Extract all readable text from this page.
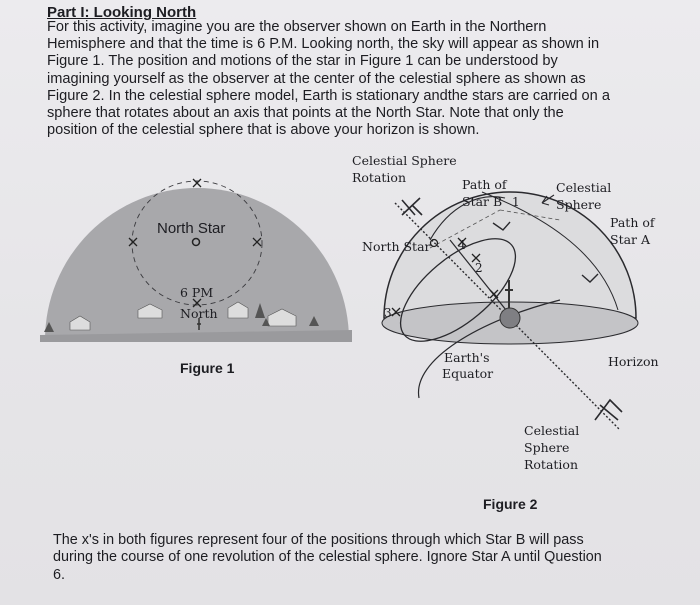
Part I: Looking North

For this activity, imagine you are the observer shown on Earth in the Northern
Hemisphere and that the time is 6 P.M. Looking north, the sky will appear as shown in
Figure 1. The position and motions of the star in Figure 1 can be understood by
imagining yourself as the observer at the center of the celestial sphere as shown as
Figure 2. In the celestial sphere model, Earth is stationary andthe stars are carried on a
sphere that rotates about an axis that points at the North Star. Note that only the
position of the celestial sphere that is above your horizon is shown.

North Star
6 PM
North
Figure 1
Celestial Sphere
Rotation	Path of
Star B 1
Celestial
Sphere
Path of
Star A
North Star 4
2
3
Earth's
Equator
Horizon
Celestial
Sphere
Rotation
Figure 2

The x's in both figures represent four of the positions through which Star B will pass
during the course of one revolution of the celestial sphere. Ignore Star A until Question
6.
